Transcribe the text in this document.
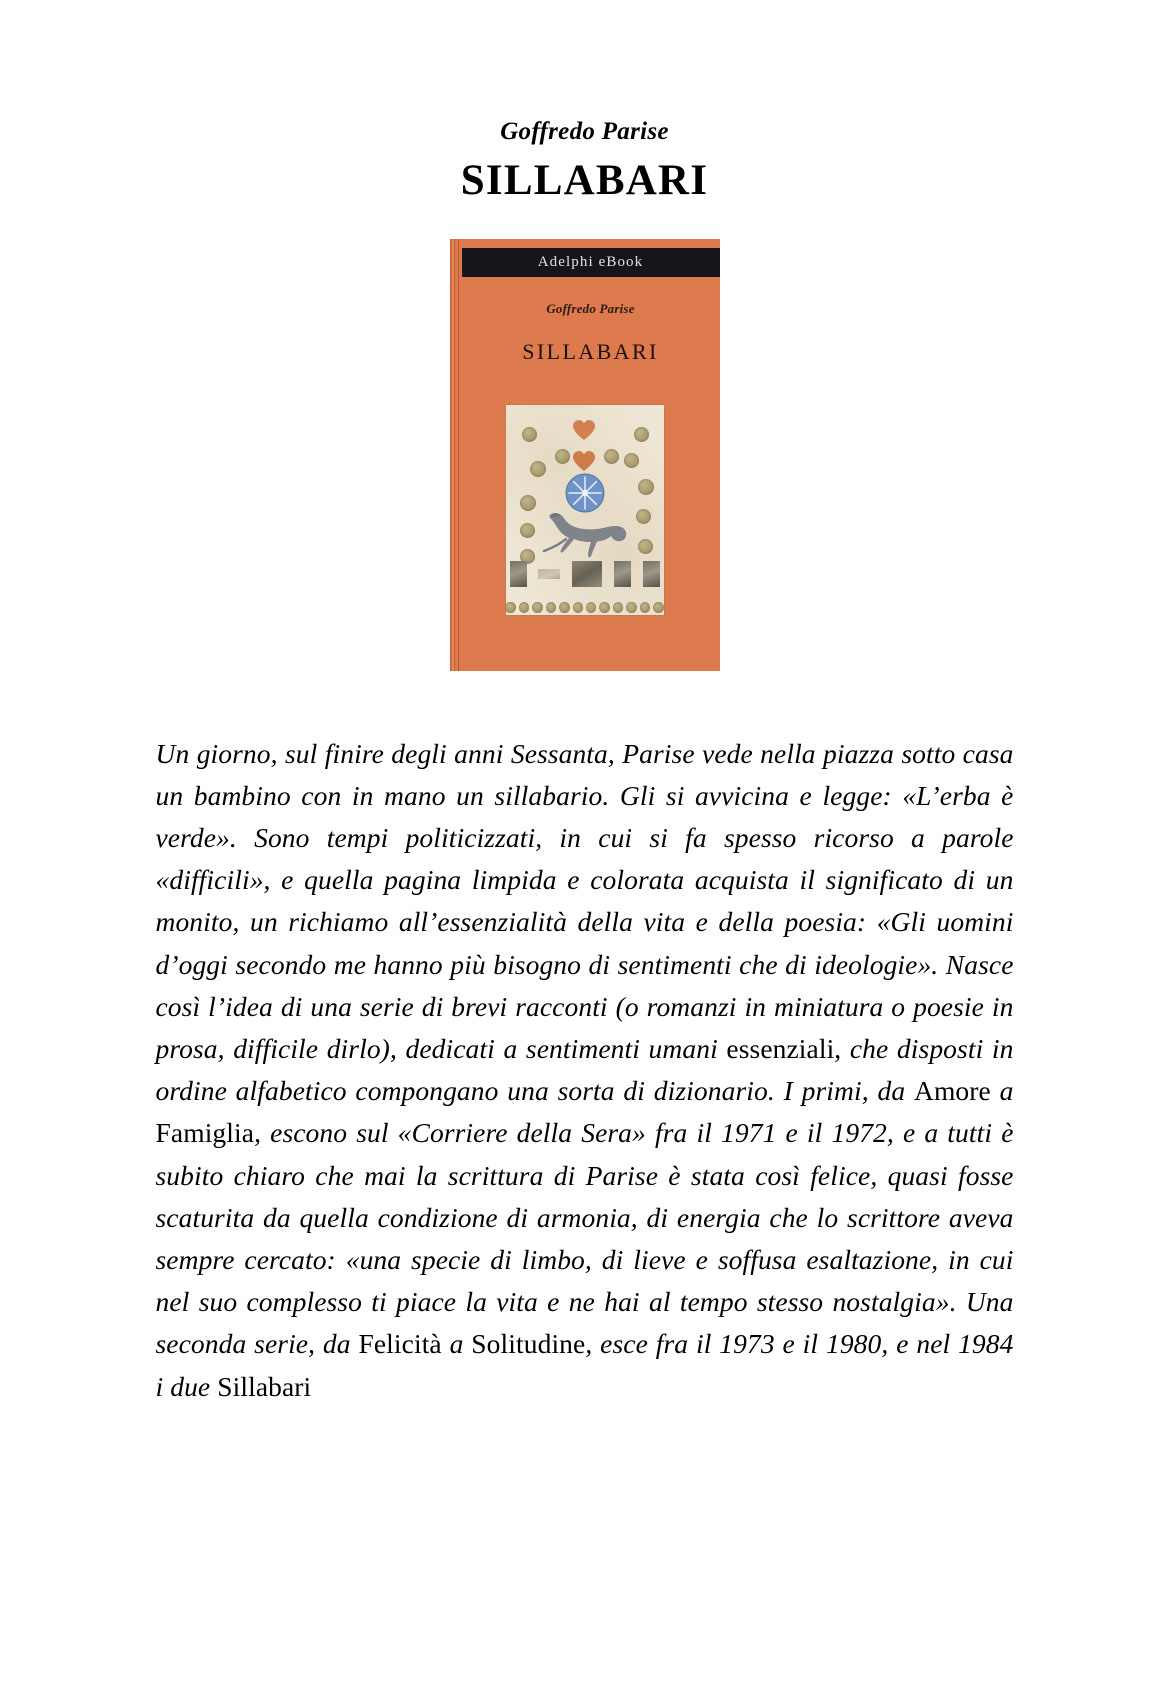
Goffredo Parise
SILLABARI
Adelphi eBook
Goffredo Parise
SILLABARI
Un giorno, sul finire degli anni Sessanta, Parise vede nella piazza sotto casa un bambino con in mano un sillabario. Gli si avvicina e legge: «L’erba è verde». Sono tempi politicizzati, in cui si fa spesso ricorso a parole «difficili», e quella pagina limpida e colorata acquista il significato di un monito, un richiamo all’essenzialità della vita e della poesia: «Gli uomini d’oggi secondo me hanno più bisogno di sentimenti che di ideologie». Nasce così l’idea di una serie di brevi racconti (o romanzi in miniatura o poesie in prosa, difficile dirlo), dedicati a sentimenti umani essenziali, che disposti in ordine alfabetico compongano una sorta di dizionario. I primi, da Amore a Famiglia, escono sul «Corriere della Sera» fra il 1971 e il 1972, e a tutti è subito chiaro che mai la scrittura di Parise è stata così felice, quasi fosse scaturita da quella condizione di armonia, di energia che lo scrittore aveva sempre cercato: «una specie di limbo, di lieve e soffusa esaltazione, in cui nel suo complesso ti piace la vita e ne hai al tempo stesso nostalgia». Una seconda serie, da Felicità a Solitudine, esce fra il 1973 e il 1980, e nel 1984 i due Sillabari
